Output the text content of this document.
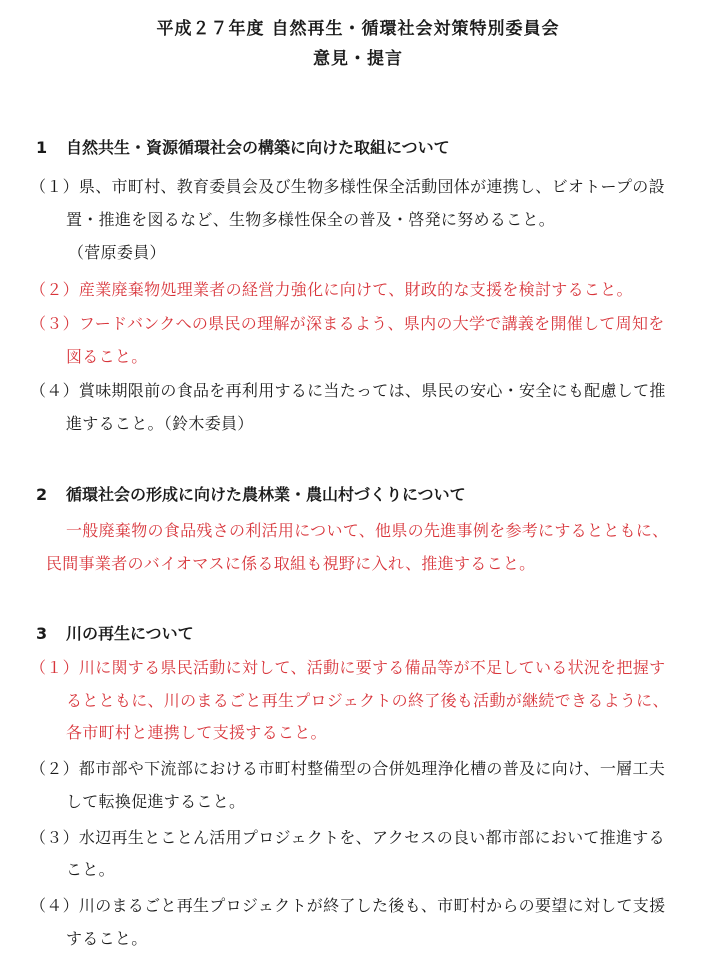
平成２７年度 自然再生・循環社会対策特別委員会
意見・提言
1 自然共生・資源循環社会の構築に向けた取組について
（１）県、市町村、教育委員会及び生物多様性保全活動団体が連携し、ビオトープの設
置・推進を図るなど、生物多様性保全の普及・啓発に努めること。
（菅原委員）
（２）産業廃棄物処理業者の経営力強化に向けて、財政的な支援を検討すること。
（３）フードバンクへの県民の理解が深まるよう、県内の大学で講義を開催して周知を
図ること。
（４）賞味期限前の食品を再利用するに当たっては、県民の安心・安全にも配慮して推
進すること。（鈴木委員）
2 循環社会の形成に向けた農林業・農山村づくりについて
一般廃棄物の食品残さの利活用について、他県の先進事例を参考にするとともに、
民間事業者のバイオマスに係る取組も視野に入れ、推進すること。
3 川の再生について
（１）川に関する県民活動に対して、活動に要する備品等が不足している状況を把握す
るとともに、川のまるごと再生プロジェクトの終了後も活動が継続できるように、
各市町村と連携して支援すること。
（２）都市部や下流部における市町村整備型の合併処理浄化槽の普及に向け、一層工夫
して転換促進すること。
（３）水辺再生とことん活用プロジェクトを、アクセスの良い都市部において推進する
こと。
（４）川のまるごと再生プロジェクトが終了した後も、市町村からの要望に対して支援
すること。
